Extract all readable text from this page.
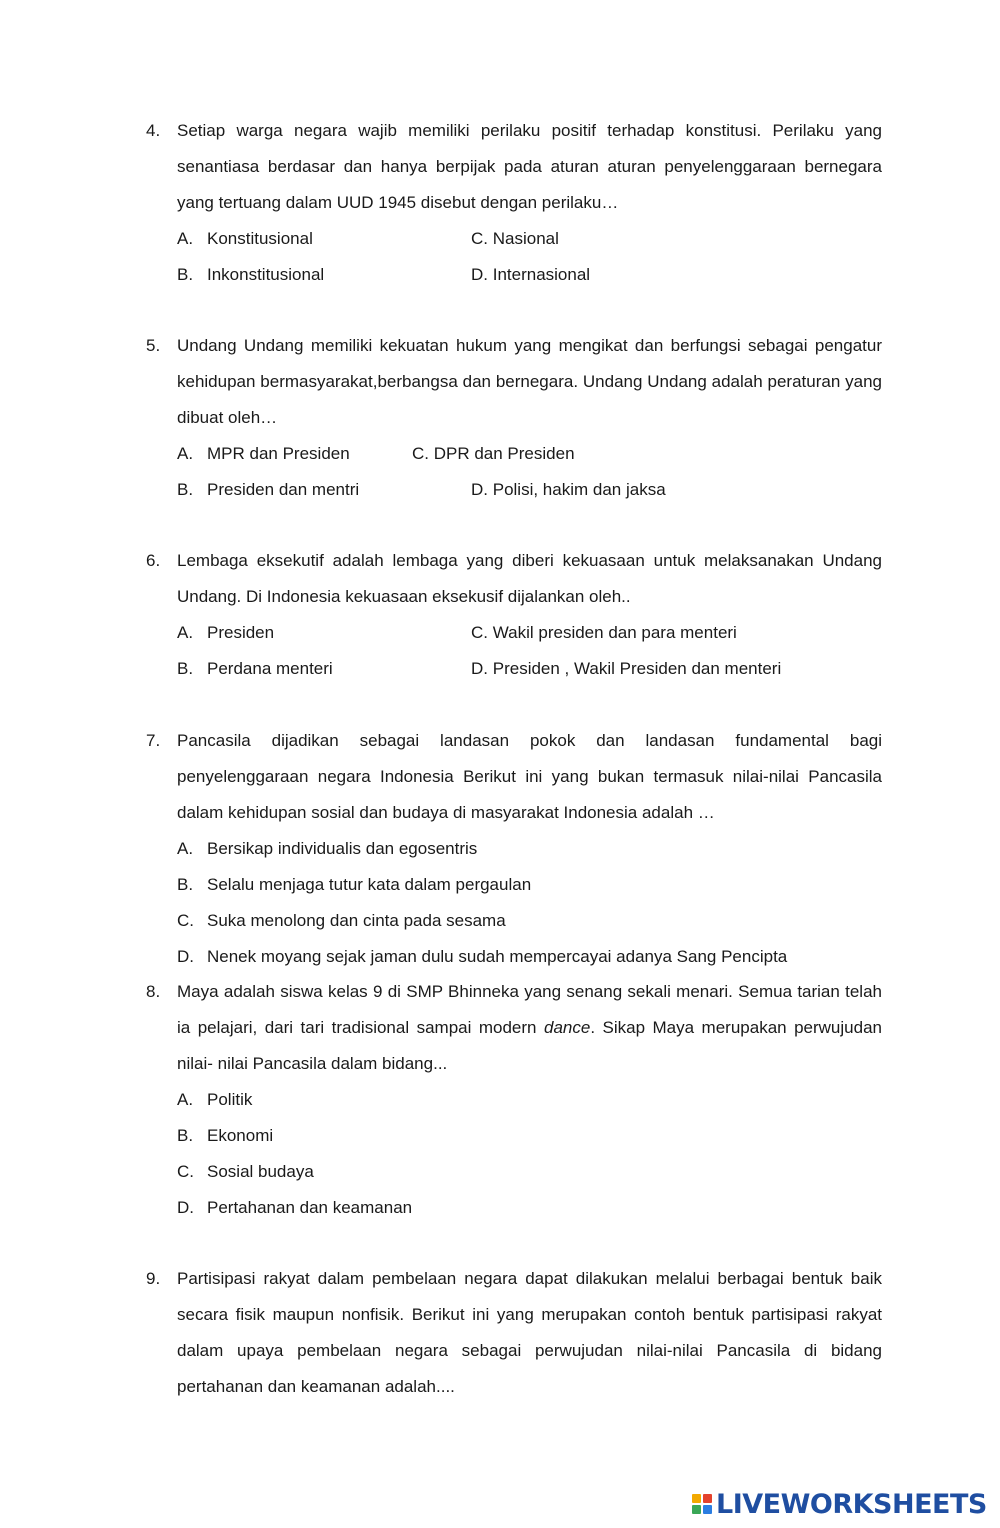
4. Setiap warga negara wajib memiliki perilaku positif terhadap konstitusi. Perilaku yang senantiasa berdasar dan hanya berpijak pada aturan aturan penyelenggaraan bernegara yang tertuang dalam UUD 1945 disebut dengan perilaku…
A. Konstitusional	C. Nasional
B. Inkonstitusional	D. Internasional
5. Undang Undang memiliki kekuatan hukum yang mengikat dan berfungsi sebagai pengatur kehidupan bermasyarakat,berbangsa dan bernegara. Undang Undang adalah peraturan yang dibuat oleh…
A. MPR dan Presiden	C. DPR dan Presiden
B. Presiden dan mentri	D. Polisi, hakim dan jaksa
6. Lembaga eksekutif adalah lembaga yang diberi kekuasaan untuk melaksanakan Undang Undang. Di Indonesia kekuasaan eksekusif dijalankan oleh..
A. Presiden	C. Wakil presiden dan para menteri
B. Perdana menteri	D. Presiden , Wakil Presiden dan menteri
7. Pancasila dijadikan sebagai landasan pokok dan landasan fundamental bagi penyelenggaraan negara Indonesia Berikut ini yang bukan termasuk nilai-nilai Pancasila dalam kehidupan sosial dan budaya di masyarakat Indonesia adalah …
A. Bersikap individualis dan egosentris
B. Selalu menjaga tutur kata dalam pergaulan
C. Suka menolong dan cinta pada sesama
D. Nenek moyang sejak jaman dulu sudah mempercayai adanya Sang Pencipta
8. Maya adalah siswa kelas 9 di SMP Bhinneka yang senang sekali menari. Semua tarian telah ia pelajari, dari tari tradisional sampai modern dance. Sikap Maya merupakan perwujudan nilai- nilai Pancasila dalam bidang...
A. Politik
B. Ekonomi
C. Sosial budaya
D. Pertahanan dan keamanan
9. Partisipasi rakyat dalam pembelaan negara dapat dilakukan melalui berbagai bentuk baik secara fisik maupun nonfisik. Berikut ini yang merupakan contoh bentuk partisipasi rakyat dalam upaya pembelaan negara sebagai perwujudan nilai-nilai Pancasila di bidang pertahanan dan keamanan adalah....
LIVEWORKSHEETS
